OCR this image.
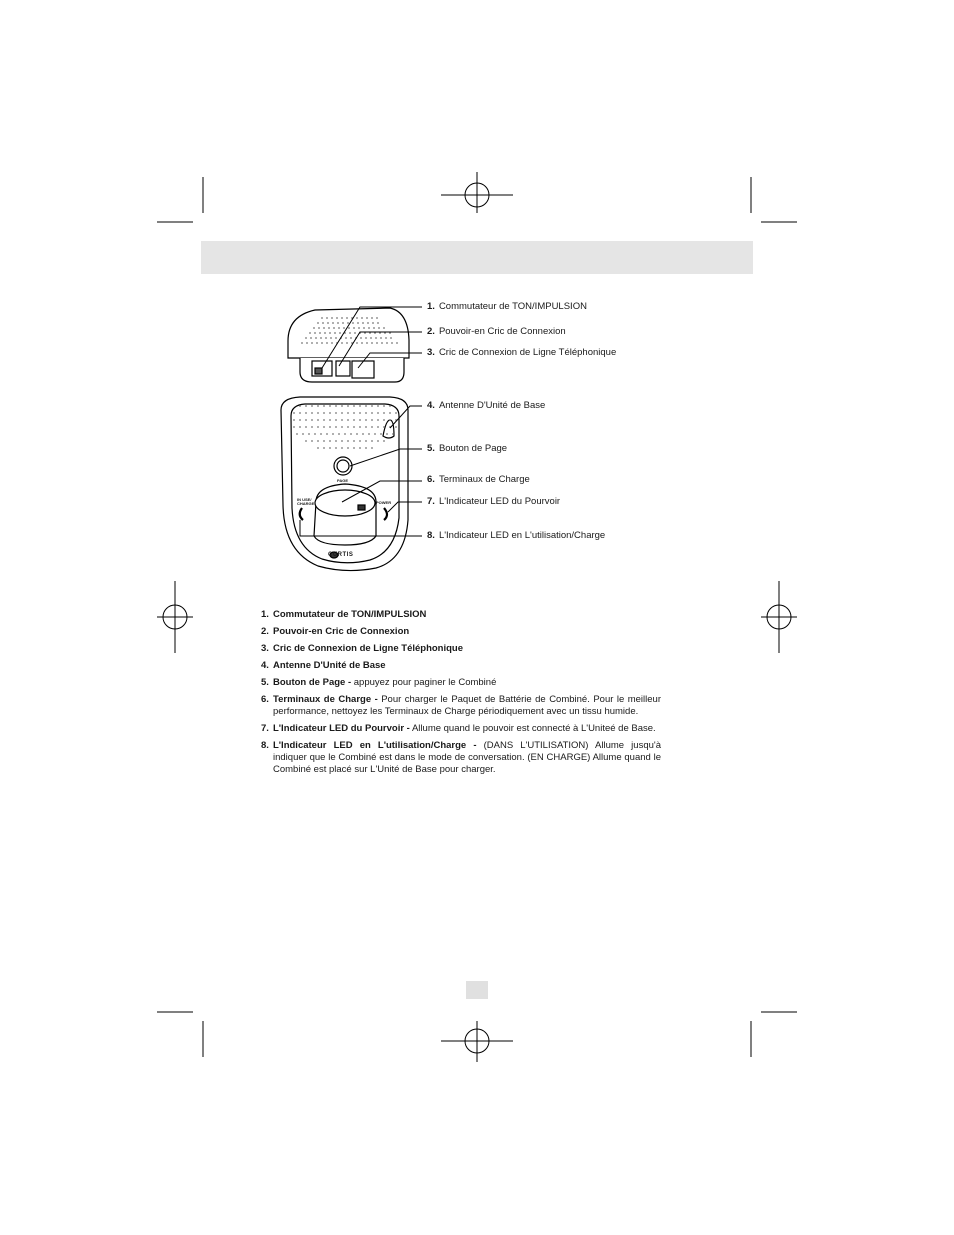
1. Commutateur de TON/IMPULSION
2. Pouvoir-en Cric de Connexion
3. Cric de Connexion de Ligne Téléphonique
4. Antenne D'Unité de Base
5. Bouton de Page
6. Terminaux de Charge
7. L'Indicateur LED du Pourvoir
8. L'Indicateur LED en L'utilisation/Charge
CURTIS
PAGE
IN USE/ CHARGE	POWER
1. Commutateur de TON/IMPULSION
2. Pouvoir-en Cric de Connexion
3. Cric de Connexion de Ligne Téléphonique
4. Antenne D'Unité de Base
5. Bouton de Page - appuyez pour paginer le Combiné
6. Terminaux de Charge - Pour charger le Paquet de Battérie de Combiné. Pour le meilleur performance, nettoyez les Terminaux de Charge périodiquement avec un tissu humide.
7. L'Indicateur LED du Pourvoir - Allume quand le pouvoir est connecté à L'Uniteé de Base.
8. L'Indicateur LED en L'utilisation/Charge - (DANS L'UTILISATION) Allume jusqu'à indiquer que le Combiné est dans le mode de conversation. (EN CHARGE) Allume quand le Combiné est placé sur L'Unité de Base pour charger.
